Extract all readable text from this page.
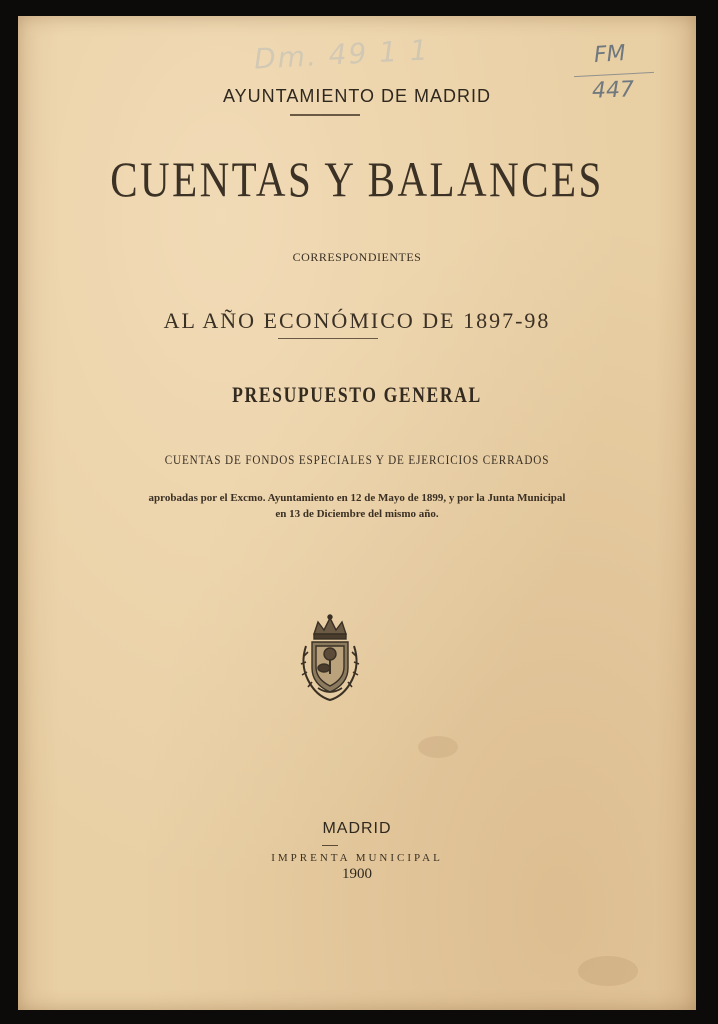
Dm. 49 1 1	FM
447
AYUNTAMIENTO DE MADRID
CUENTAS Y BALANCES
CORRESPONDIENTES
AL AÑO ECONÓMICO DE 1897-98
PRESUPUESTO GENERAL
CUENTAS DE FONDOS ESPECIALES Y DE EJERCICIOS CERRADOS
aprobadas por el Excmo. Ayuntamiento en 12 de Mayo de 1899, y por la Junta Municipal
en 13 de Diciembre del mismo año.
MADRID
IMPRENTA MUNICIPAL
1900
